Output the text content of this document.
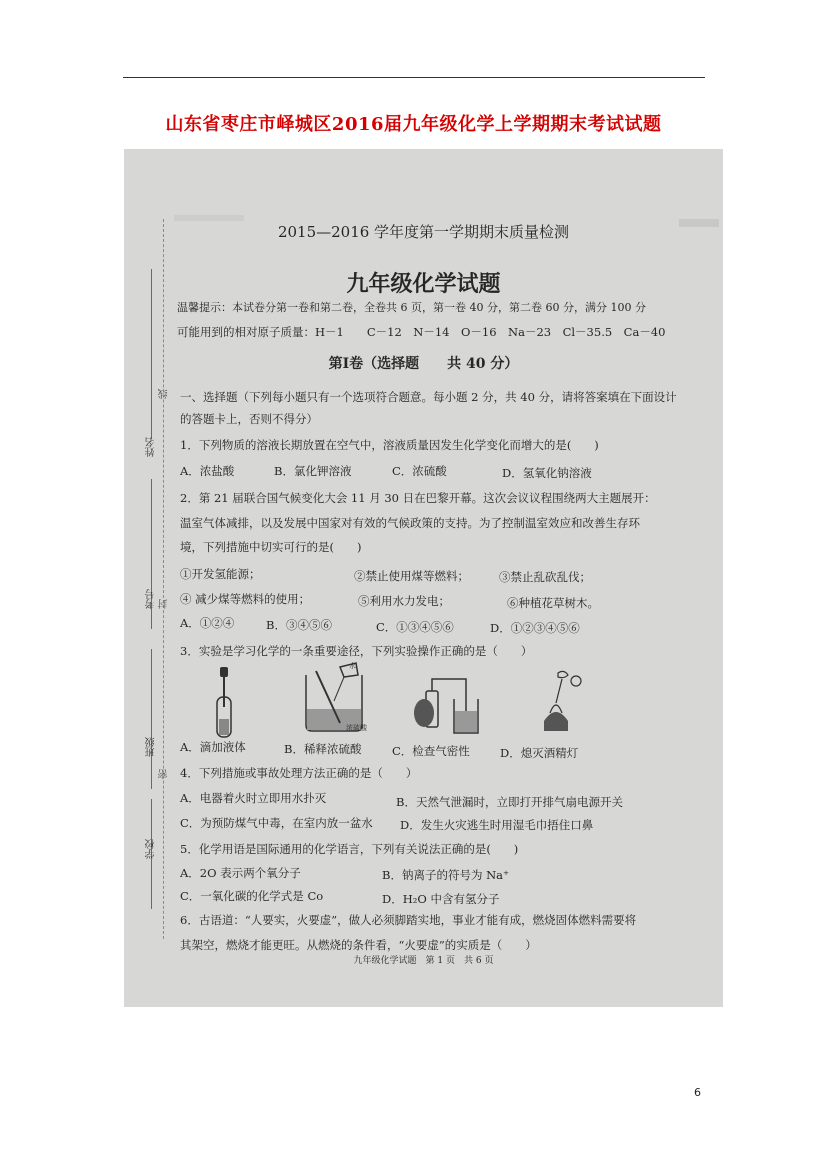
山东省枣庄市峄城区2016届九年级化学上学期期末考试试题
姓名
考号
班级
学校
线
封
密
2015—2016 学年度第一学期期末质量检测
九年级化学试题
温馨提示：本试卷分第一卷和第二卷，全卷共 6 页，第一卷 40 分，第二卷 60 分，满分 100 分
可能用到的相对原子质量：H－1　　C－12　N－14　O－16　Na－23　Cl－35.5　Ca－40
第Ⅰ卷（选择题　　共 40 分）
一、选择题（下列每小题只有一个选项符合题意。每小题 2 分，共 40 分，请将答案填在下面设计
的答题卡上，否则不得分）
1．下列物质的溶液长期放置在空气中，溶液质量因发生化学变化而增大的是(　　)
A．浓盐酸	B．氯化钾溶液	C．浓硫酸	D．氢氧化钠溶液
2．第 21 届联合国气候变化大会 11 月 30 日在巴黎开幕。这次会议议程围绕两大主题展开：
温室气体减排，以及发展中国家对有效的气候政策的支持。为了控制温室效应和改善生存环
境，下列措施中切实可行的是(　　)
①开发氢能源；	②禁止使用煤等燃料；	③禁止乱砍乱伐；
④ 减少煤等燃料的使用；	⑤利用水力发电；	⑥种植花草树木。
A．①②④	B．③④⑤⑥	C．①③④⑤⑥	D．①②③④⑤⑥
3．实验是学习化学的一条重要途径，下列实验操作正确的是（　　）
水
浓硫酸
A．滴加液体	B．稀释浓硫酸	C．检查气密性	D．熄灭酒精灯
4．下列措施或事故处理方法正确的是（　　）
A．电器着火时立即用水扑灭	B．天然气泄漏时，立即打开排气扇电源开关
C．为预防煤气中毒，在室内放一盆水 D．发生火灾逃生时用湿毛巾捂住口鼻
5．化学用语是国际通用的化学语言，下列有关说法正确的是(　　)
A．2O 表示两个氧分子	B．钠离子的符号为 Na⁺
C．一氧化碳的化学式是 Co	D．H₂O 中含有氢分子
6．古语道：“人要实，火要虚”，做人必须脚踏实地，事业才能有成，燃烧固体燃料需要将
其架空，燃烧才能更旺。从燃烧的条件看，“火要虚”的实质是（　　）
九年级化学试题　第 1 页　共 6 页
6
